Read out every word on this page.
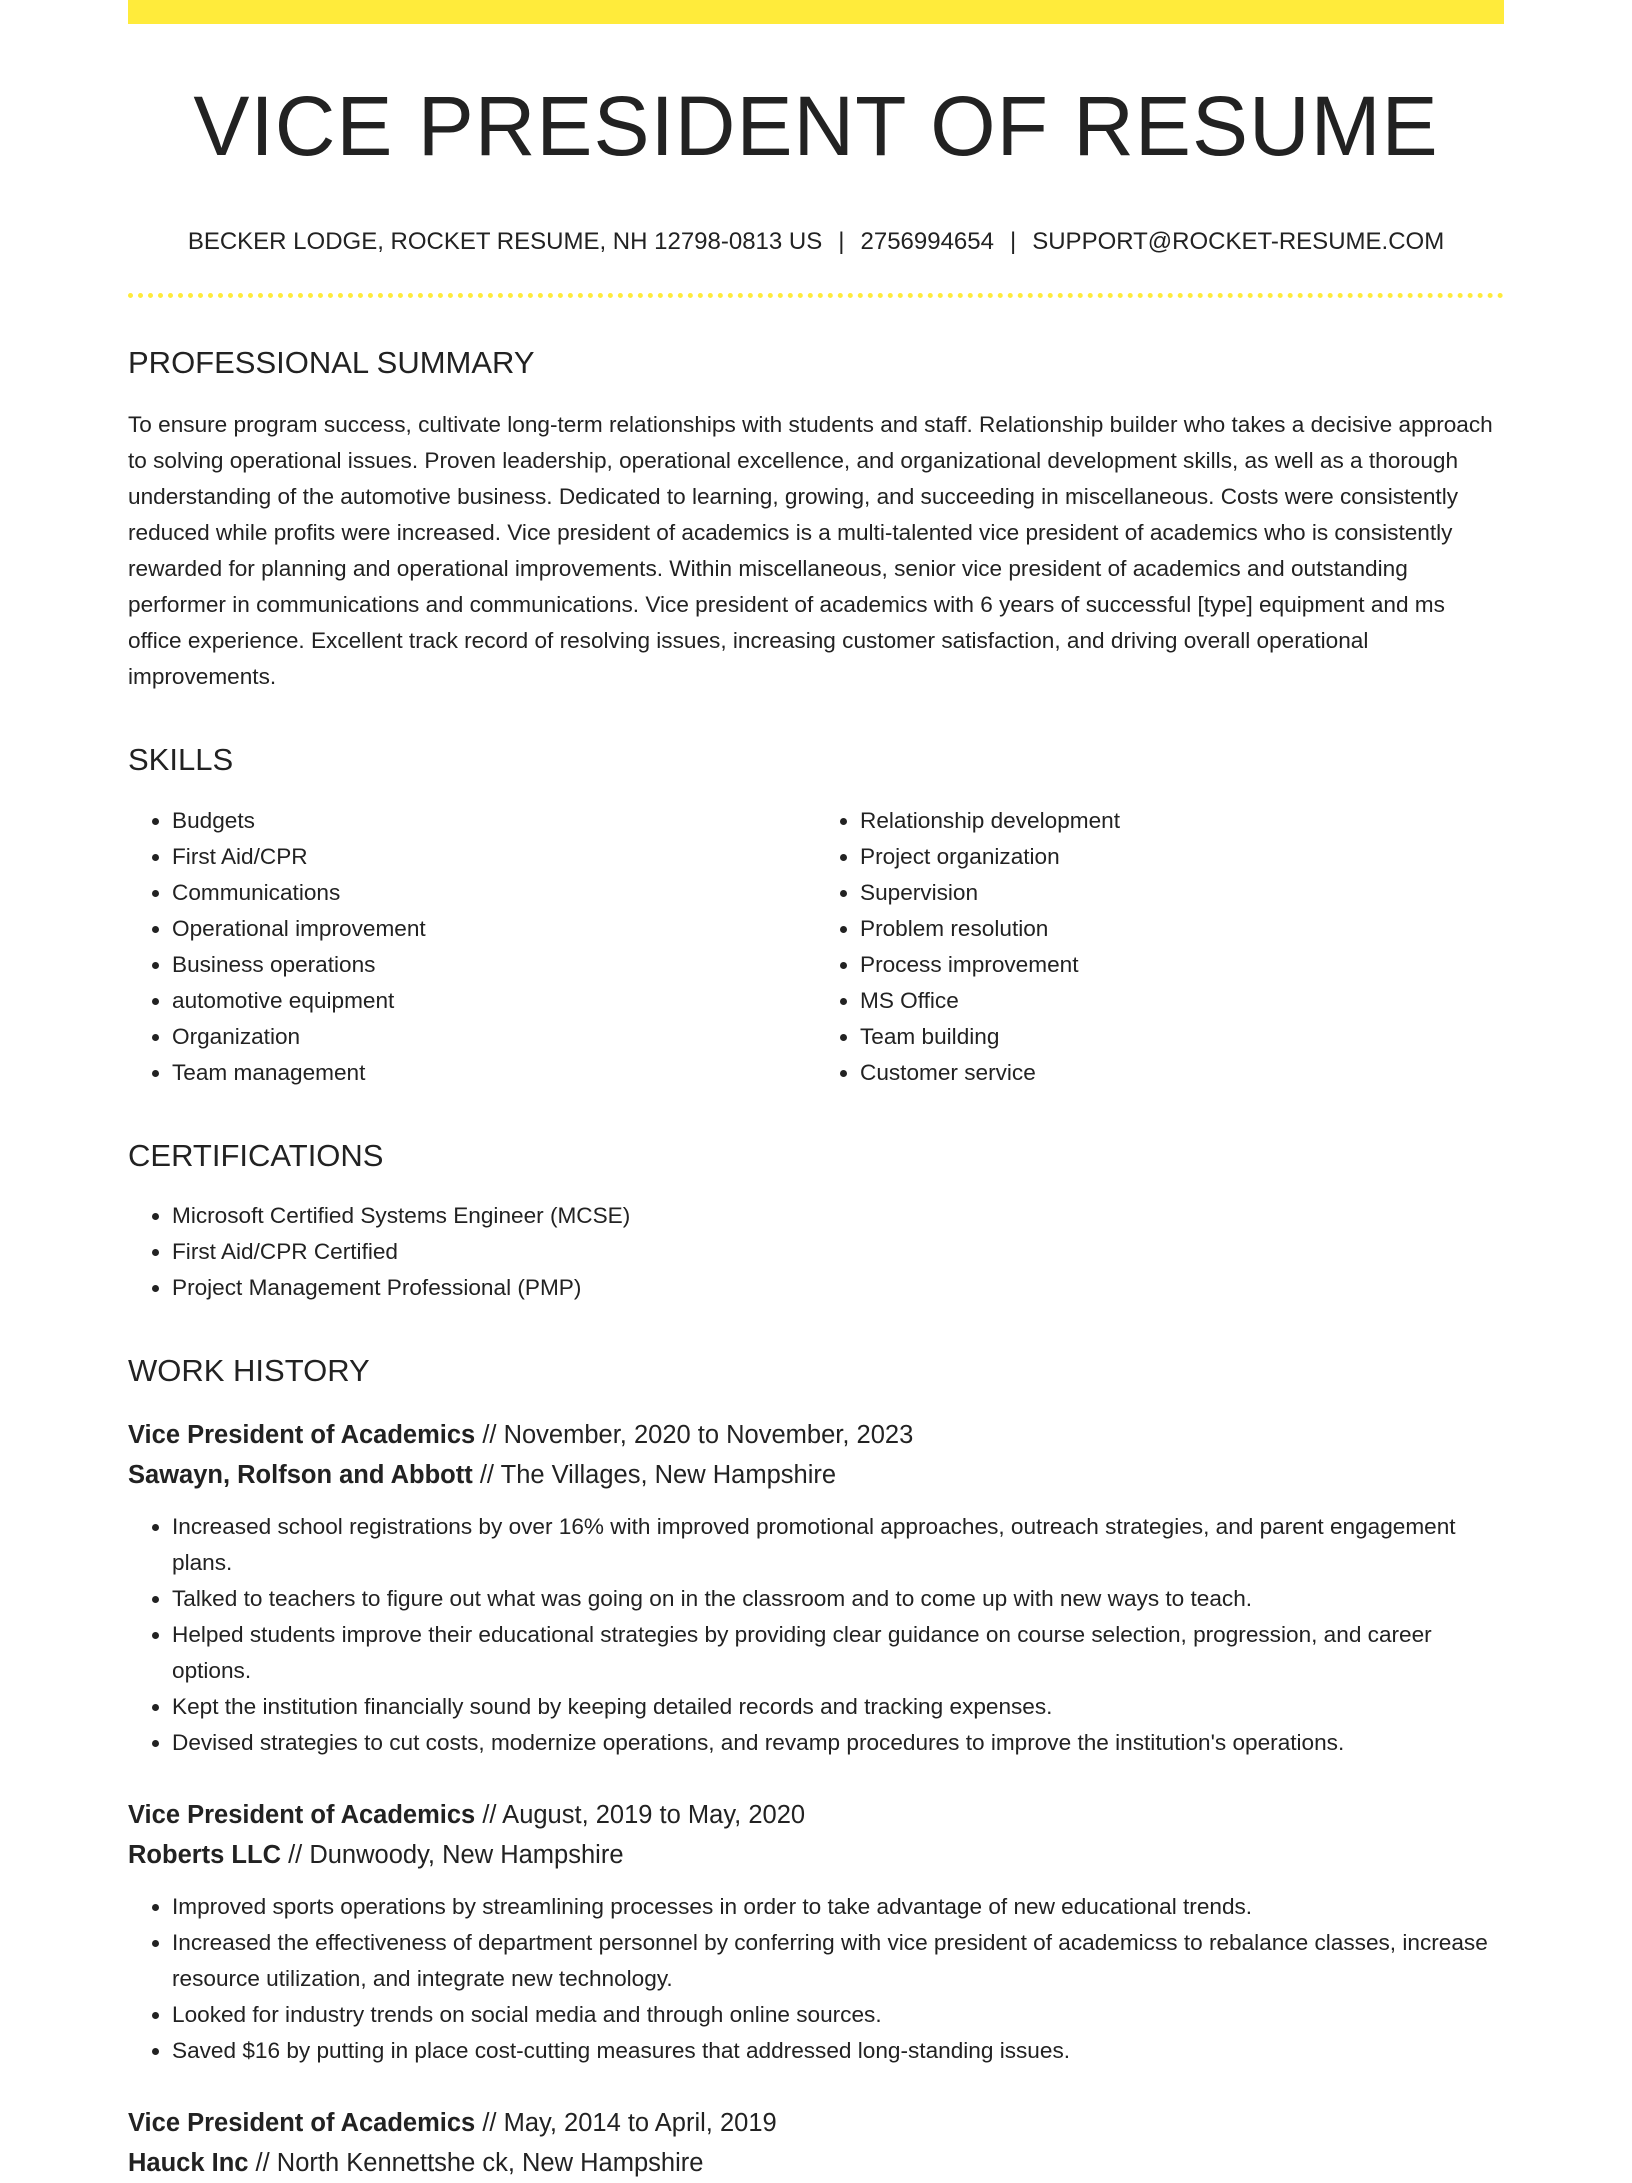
VICE PRESIDENT OF RESUME
BECKER LODGE, ROCKET RESUME, NH 12798-0813 US | 2756994654 | SUPPORT@ROCKET-RESUME.COM
PROFESSIONAL SUMMARY

To ensure program success, cultivate long-term relationships with students and staff. Relationship builder who takes a decisive approach to solving operational issues. Proven leadership, operational excellence, and organizational development skills, as well as a thorough understanding of the automotive business. Dedicated to learning, growing, and succeeding in miscellaneous. Costs were consistently reduced while profits were increased. Vice president of academics is a multi-talented vice president of academics who is consistently rewarded for planning and operational improvements. Within miscellaneous, senior vice president of academics and outstanding performer in communications and communications. Vice president of academics with 6 years of successful [type] equipment and ms office experience. Excellent track record of resolving issues, increasing customer satisfaction, and driving overall operational improvements.

SKILLS
• Budgets
• First Aid/CPR
• Communications
• Operational improvement
• Business operations
• automotive equipment
• Organization
• Team management
• Relationship development
• Project organization
• Supervision
• Problem resolution
• Process improvement
• MS Office
• Team building
• Customer service
CERTIFICATIONS
• Microsoft Certified Systems Engineer (MCSE)
• First Aid/CPR Certified
• Project Management Professional (PMP)
WORK HISTORY
Vice President of Academics // November, 2020 to November, 2023
Sawayn, Rolfson and Abbott // The Villages, New Hampshire
• Increased school registrations by over 16% with improved promotional approaches, outreach strategies, and parent engagement plans.
• Talked to teachers to figure out what was going on in the classroom and to come up with new ways to teach.
• Helped students improve their educational strategies by providing clear guidance on course selection, progression, and career options.
• Kept the institution financially sound by keeping detailed records and tracking expenses.
• Devised strategies to cut costs, modernize operations, and revamp procedures to improve the institution's operations.
Vice President of Academics // August, 2019 to May, 2020
Roberts LLC // Dunwoody, New Hampshire
• Improved sports operations by streamlining processes in order to take advantage of new educational trends.
• Increased the effectiveness of department personnel by conferring with vice president of academicss to rebalance classes, increase resource utilization, and integrate new technology.
• Looked for industry trends on social media and through online sources.
• Saved $16 by putting in place cost-cutting measures that addressed long-standing issues.
Vice President of Academics // May, 2014 to April, 2019
Hauck Inc // North Kennettshe ck, New Hampshire
